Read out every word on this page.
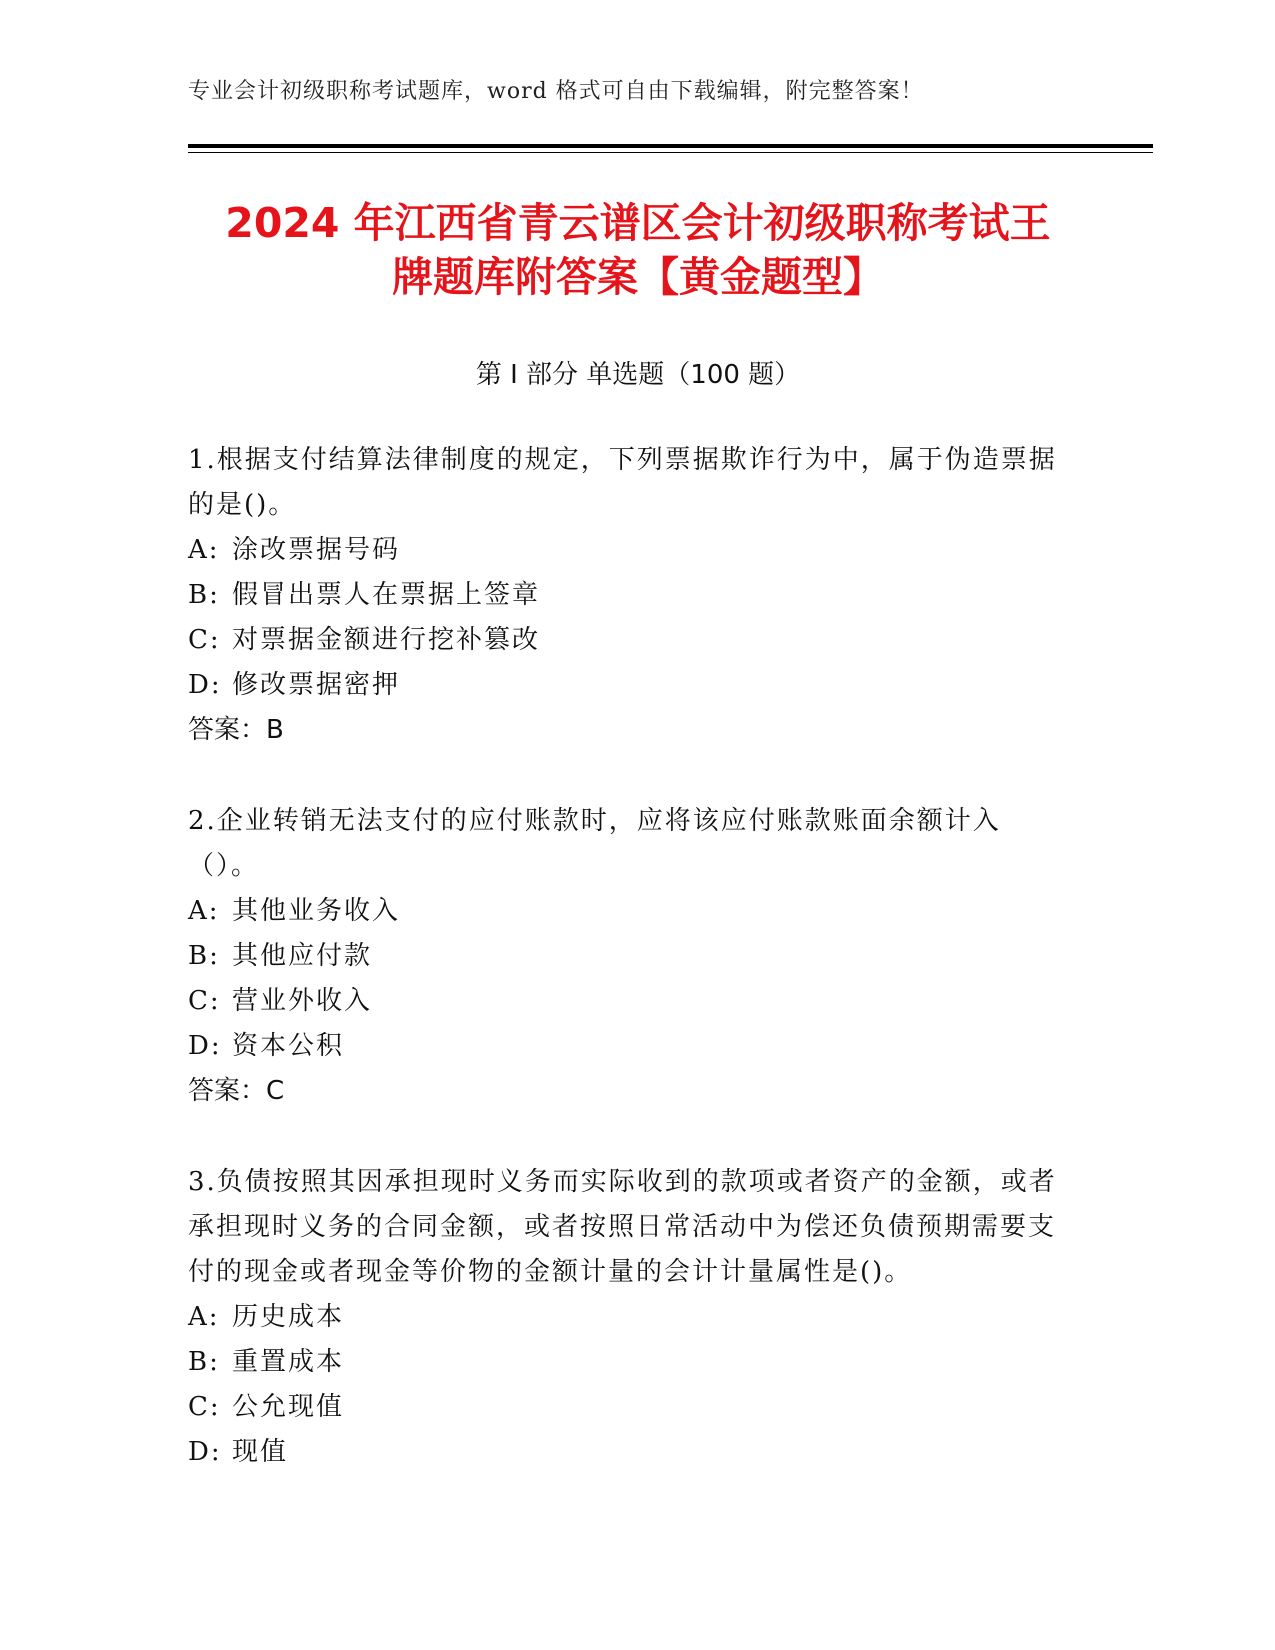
专业会计初级职称考试题库，word 格式可自由下载编辑，附完整答案！
2024 年江西省青云谱区会计初级职称考试王
牌题库附答案【黄金题型】
第 I 部分 单选题（100 题）

1.根据支付结算法律制度的规定，下列票据欺诈行为中，属于伪造票据的是()。

A: 涂改票据号码
B: 假冒出票人在票据上签章
C: 对票据金额进行挖补篡改
D: 修改票据密押
答案：B

2.企业转销无法支付的应付账款时，应将该应付账款账面余额计入（）。

A: 其他业务收入
B: 其他应付款
C: 营业外收入
D: 资本公积
答案：C

3.负债按照其因承担现时义务而实际收到的款项或者资产的金额，或者承担现时义务的合同金额，或者按照日常活动中为偿还负债预期需要支付的现金或者现金等价物的金额计量的会计计量属性是()。

A: 历史成本
B: 重置成本
C: 公允现值
D: 现值
